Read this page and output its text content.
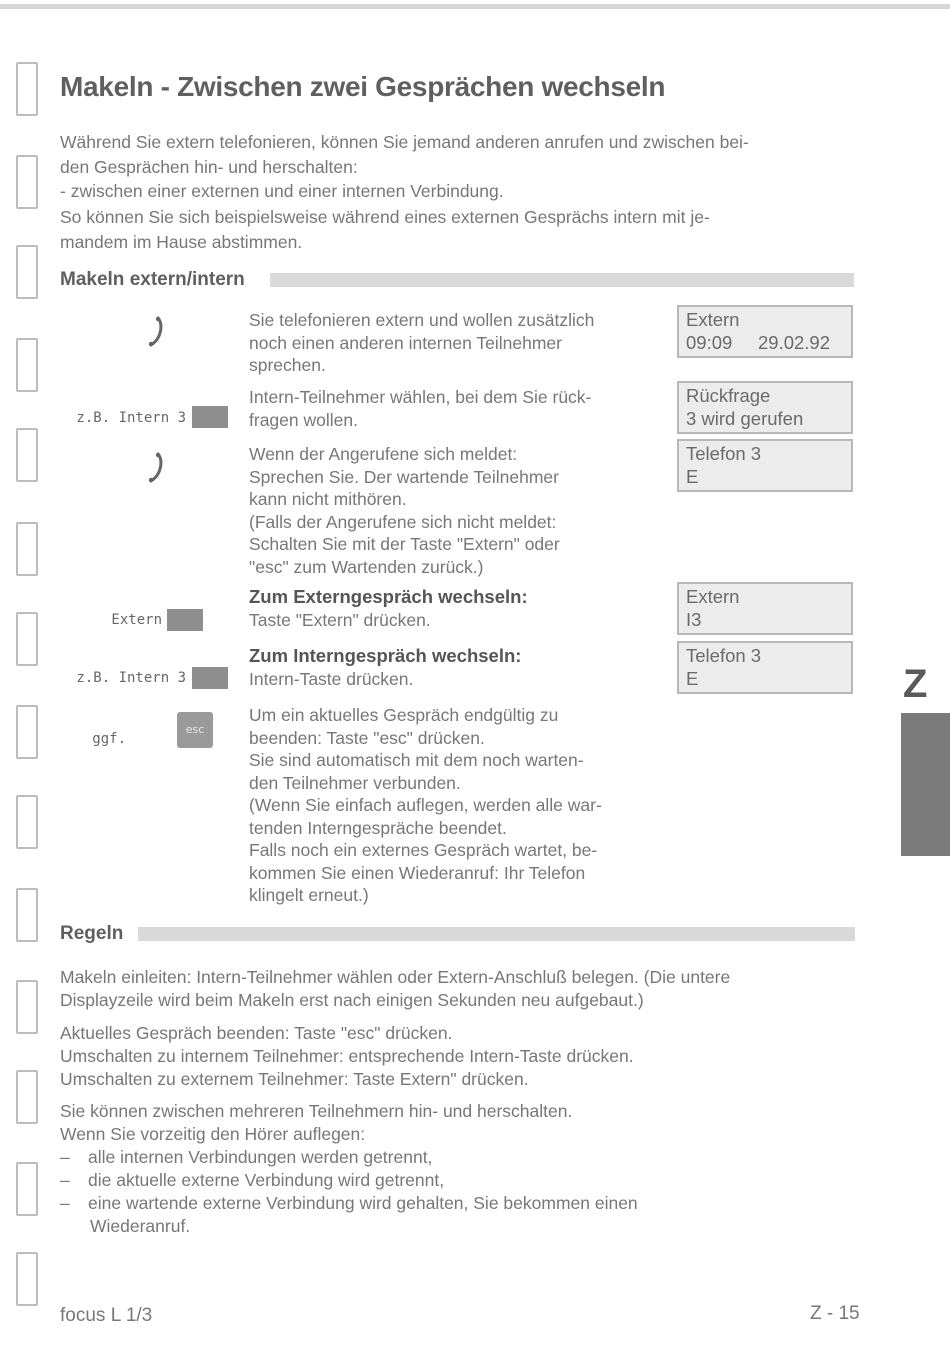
Makeln - Zwischen zwei Gesprächen wechseln
Während Sie extern telefonieren, können Sie jemand anderen anrufen und zwischen bei-
den Gesprächen hin- und herschalten:
- zwischen einer externen und einer internen Verbindung.
So können Sie sich beispielsweise während eines externen Gesprächs intern mit je-
mandem im Hause abstimmen.
Makeln extern/intern
z.B. Intern 3
Extern
z.B. Intern 3
ggf.
esc
Sie telefonieren extern und wollen zusätzlich
noch einen anderen internen Teilnehmer
sprechen.
Intern-Teilnehmer wählen, bei dem Sie rück-
fragen wollen.
Wenn der Angerufene sich meldet:
Sprechen Sie. Der wartende Teilnehmer
kann nicht mithören.
(Falls der Angerufene sich nicht meldet:
Schalten Sie mit der Taste "Extern" oder
"esc" zum Wartenden zurück.)
Zum Externgespräch wechseln:
Taste "Extern" drücken.
Zum Interngespräch wechseln:
Intern-Taste drücken.
Um ein aktuelles Gespräch endgültig zu
beenden: Taste "esc" drücken.
Sie sind automatisch mit dem noch warten-
den Teilnehmer verbunden.
(Wenn Sie einfach auflegen, werden alle war-
tenden Interngespräche beendet.
Falls noch ein externes Gespräch wartet, be-
kommen Sie einen Wiederanruf: Ihr Telefon
klingelt erneut.)
Extern
09:09     29.02.92
Rückfrage
3 wird gerufen
Telefon 3
E
Extern
I3
Telefon 3
E	Z
Regeln
Makeln einleiten: Intern-Teilnehmer wählen oder Extern-Anschluß belegen. (Die untere
Displayzeile wird beim Makeln erst nach einigen Sekunden neu aufgebaut.)
Aktuelles Gespräch beenden: Taste "esc" drücken.
Umschalten zu internem Teilnehmer: entsprechende Intern-Taste drücken.
Umschalten zu externem Teilnehmer: Taste Extern" drücken.
Sie können zwischen mehreren Teilnehmern hin- und herschalten.
Wenn Sie vorzeitig den Hörer auflegen:
– alle internen Verbindungen werden getrennt,
– die aktuelle externe Verbindung wird getrennt,
– eine wartende externe Verbindung wird gehalten, Sie bekommen einen
Wiederanruf.
focus L 1/3	Z - 15
